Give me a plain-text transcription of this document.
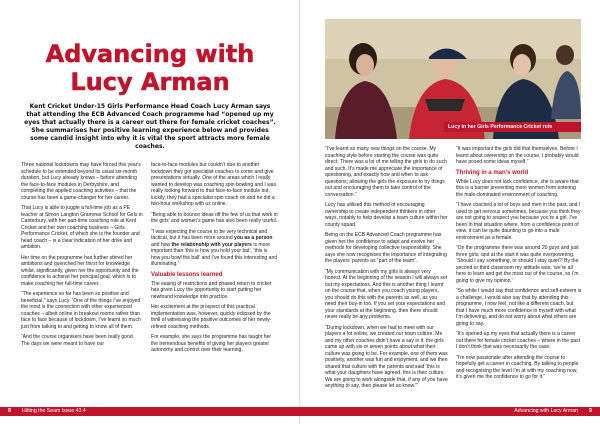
Advancing with
Lucy Arman
Kent Cricket Under-15 Girls Performance Head Coach Lucy Arman says that attending the ECB Advanced Coach programme had “opened up my eyes that actually there is a career out there for female cricket coaches”. She summarises her positive learning experience below and provides some candid insight into why it is vital the sport attracts more female coaches.

Three national lockdowns may have forced this year's schedule to be extended beyond its usual six-month duration, but Lucy already knows – before attending the face-to-face modules in Derbyshire, and completing the applied coaching activities – that the course has been a game-changer for her career.

That Lucy is able to juggle a full-time job as a PE teacher at Simon Langton Grammar School for Girls in Canterbury, with her part-time coaching role at Kent Cricket and her own coaching business – Girls Performance Cricket, of which she is the founder and head coach – is a clear indication of her drive and ambition.

Her time on the programme has further stirred her ambitions and quenched her thirst for knowledge whilst, significantly, given her the opportunity and the confidence to achieve her principal goal, which is to make coaching her full-time career.

“The experience so far has been so positive and beneficial,” says Lucy. “One of the things I’ve enjoyed the most is the connection with other experienced coaches – albeit online in breakout rooms rather than face to face because of lockdown, I’ve learnt so much just from talking to and getting to know all of them.

“And the course organisers have been really good. The days we were meant to have our

face-to-face modules but couldn’t due to another lockdown they got specialist coaches to come and give presentations virtually. One of the areas which I really wanted to develop was coaching spin bowling and I was really looking forward to that face-to-face module but, luckily, they had a specialist spin coach on and he did a two-hour workshop with us online.

“Being able to bounce ideas off the few of us that work in the girls’ and women’s game has also been really useful.

“I was expecting the course to be very technical and tactical, but it has been more around you as a person and how the relationship with your players is more important than ‘this is how you hold your bat’, ‘this is how you bowl the ball’ and I’ve found this interesting and illuminating.”

Valuable lessons learned

The easing of restrictions and phased return to cricket has given Lucy the opportunity to start putting her newfound knowledge into practice.

Her excitement at the prospect of this practical implementation was, however, quickly eclipsed by the thrill of witnessing the positive outcomes of her newly-refined coaching methods.

For example, she says the programme has taught her the tremendous benefits of giving her players greater autonomy and control over their learning.

Lucy in her Girls Performance Cricket role

“I’ve learnt so many new things on the course. My coaching style before starting the course was quite direct. There was a lot of me telling the girls to do such and such. It’s made me appreciate the importance of questioning, and exactly how and when to ask questions; allowing the girls the exposure to try things out and encouraging them to take control of the conversation.”

Lucy has utilised this method of encouraging ownership to create independent thinkers in other ways, notably to help develop a team culture within her county squad.

Being on the ECB Advanced Coach programme has given her the confidence to adapt and evolve her methods for developing collective responsibility. She says she now recognises the importance of integrating the players’ parents as “part of the team”.

“My communication with my girls is always very honest. At the beginning of the season I will always set out my expectations. And this is another thing I learnt on the course that, when you coach young players, you should do this with the parents as well, as you need their buy-in too. If you set your expectations and your standards at the beginning, then there should never really be any problems.

“During lockdown, when we had to meet with our players a lot online, we created our team culture. Me and my other coaches didn’t have a say in it; the girls came up with six or seven points about what their culture was going to be. For example, one of them was positivity, another was fun and enjoyment, and we then shared that culture with the parents and said ‘this is what your daughters have agreed, this is their culture. We are going to work alongside that, if any of you have anything to say, then please let us know.’”

“It was important the girls did that themselves. Before I learnt about ownership on the course, I probably would have posed some ideas myself.”

Thriving in a man’s world

While Lucy does not lack confidence, she is aware that this is a barrier preventing more women from entering the male-dominated environment of coaching.

“I have coached a lot of boys and men in the past, and I used to get nervous sometimes, because you think they are not going to respect you because you’re a girl. I’ve been in that situation where, from a confidence point of view, it can be quite daunting to go into a male environment as a female.

“On the programme there was around 20 guys and just three girls, and at the start it was quite overpowering. ‘Should I say something, or should I stay quiet?’ By the second or third classroom my attitude was, ‘we’re all here to learn and get the most out of the course, so I’m going to give my opinion.’

“So while I would say that confidence and self-esteem is a challenge, I would also say that by attending this programme, I now feel, not like a different coach, but that I have much more confidence in myself with what I’m delivering, and do not worry about what others are going to say.

“It’s opened up my eyes that actually there is a career out there for female cricket coaches – where in the past I don’t think that was necessarily the case.

“I’m now passionate after attending the course to hopefully get a career in coaching. By talking to people and recognising the level I’m at with my coaching now, it’s given me the confidence to go for it.”

8 Hitting the Seam Issue 43.4	Advancing with Lucy Arman 9
